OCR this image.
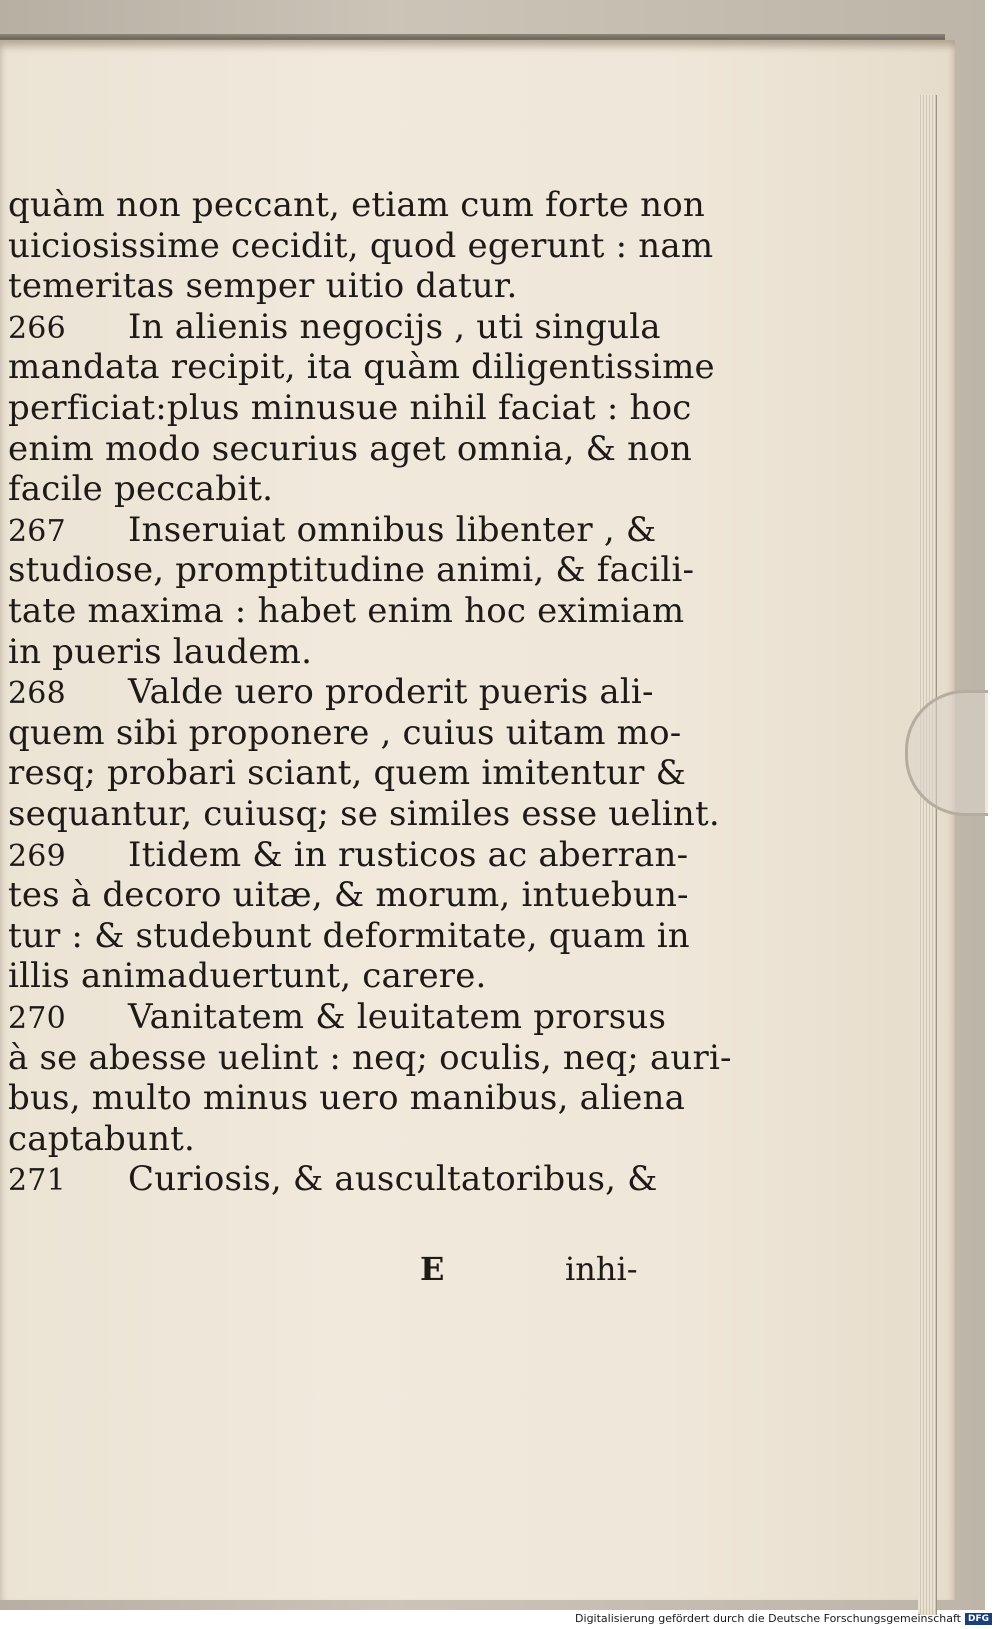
quàm non peccant, etiam cum forte non
uiciosissime cecidit, quod egerunt : nam
temeritas semper uitio datur.
266 In alienis negocijs , uti singula
mandata recipit, ita quàm diligentissime
perficiat:plus minusue nihil faciat : hoc
enim modo securius aget omnia, & non
facile peccabit.
267 Inseruiat omnibus libenter , &
studiose, promptitudine animi, & facili-
tate maxima : habet enim hoc eximiam
in pueris laudem.
268 Valde uero proderit pueris ali-
quem sibi proponere , cuius uitam mo-
resq; probari sciant, quem imitentur &
sequantur, cuiusq; se similes esse uelint.
269 Itidem & in rusticos ac aberran-
tes à decoro uitæ, & morum, intuebun-
tur : & studebunt deformitate, quam in
illis animaduertunt, carere.
270 Vanitatem & leuitatem prorsus
à se abesse uelint : neq; oculis, neq; auri-
bus, multo minus uero manibus, aliena
captabunt.
271 Curiosis, & auscultatoribus, &
E	inhi-
Digitalisierung gefördert durch die Deutsche Forschungsgemeinschaft DFG
